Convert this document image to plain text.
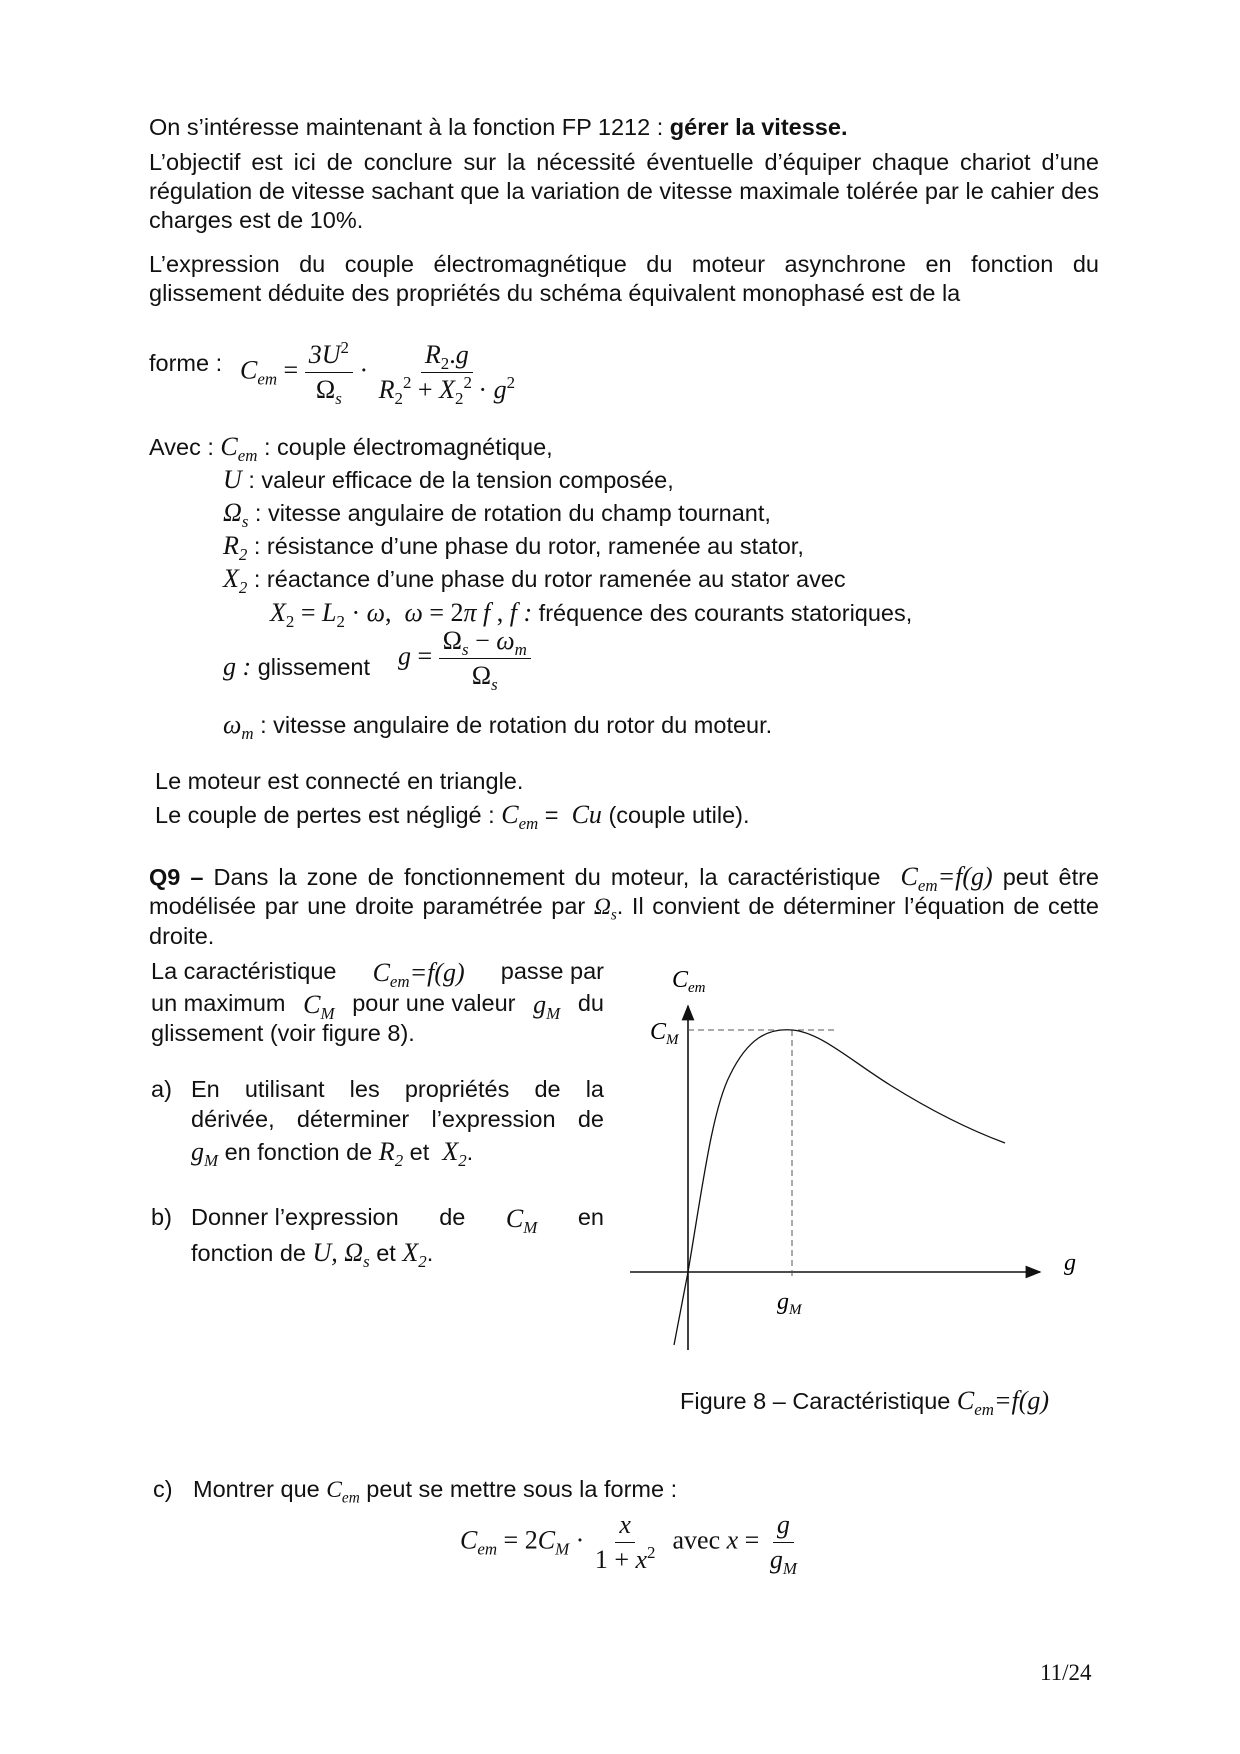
On s’intéresse maintenant à la fonction FP 1212 : gérer la vitesse.
L’objectif est ici de conclure sur la nécessité éventuelle d’équiper chaque chariot d’une régulation de vitesse sachant que la variation de vitesse maximale tolérée par le cahier des charges est de 10%.
L’expression du couple électromagnétique du moteur asynchrone en fonction du glissement déduite des propriétés du schéma équivalent monophasé est de la
forme : $C_{em} = \frac{3U^2}{\Omega_s} \cdot \frac{R_2.g}{R_2^2 + X_2^2 \cdot g^2}$
Avec : $C_{em}$ : couple électromagnétique,
U : valeur efficace de la tension composée,
$\Omega_s$ : vitesse angulaire de rotation du champ tournant,
$R_2$ : résistance d’une phase du rotor, ramenée au stator,
$X_2$ : réactance d’une phase du rotor ramenée au stator avec
$X_2 = L_2 \cdot \omega$,  ω = 2π f , f : fréquence des courants statoriques,
g : glissement $g = \frac{\Omega_s - \omega_m}{\Omega_s}$
$\omega_m$ : vitesse angulaire de rotation du rotor du moteur.
Le moteur est connecté en triangle.
Le couple de pertes est négligé : $C_{em} = Cu$ (couple utile).
Q9 – Dans la zone de fonctionnement du moteur, la caractéristique  $C_{em}=f(g)$ peut être modélisée par une droite paramétrée par $\Omega_s$. Il convient de déterminer l’équation de cette droite.
La caractéristique $C_{em}=f(g)$ passe par
un maximum $C_M$ pour une valeur $g_M$ du
glissement (voir figure 8).
a) En utilisant les propriétés de la
dérivée, déterminer l’expression de
$g_M$ en fonction de $R_2$ et  $X_2$.
b) Donner l’expression de $C_M$ en
fonction de U, $\Omega_s$ et $X_2$.
$C_{em}$
$C_M$
g
$g_M$
Figure 8 – Caractéristique $C_{em}=f(g)$
c) Montrer que $C_{em}$ peut se mettre sous la forme :
$C_{em} = 2C_M \cdot \frac{x}{1 + x^2}$ avec $x = \frac{g}{g_M}$
11/24
